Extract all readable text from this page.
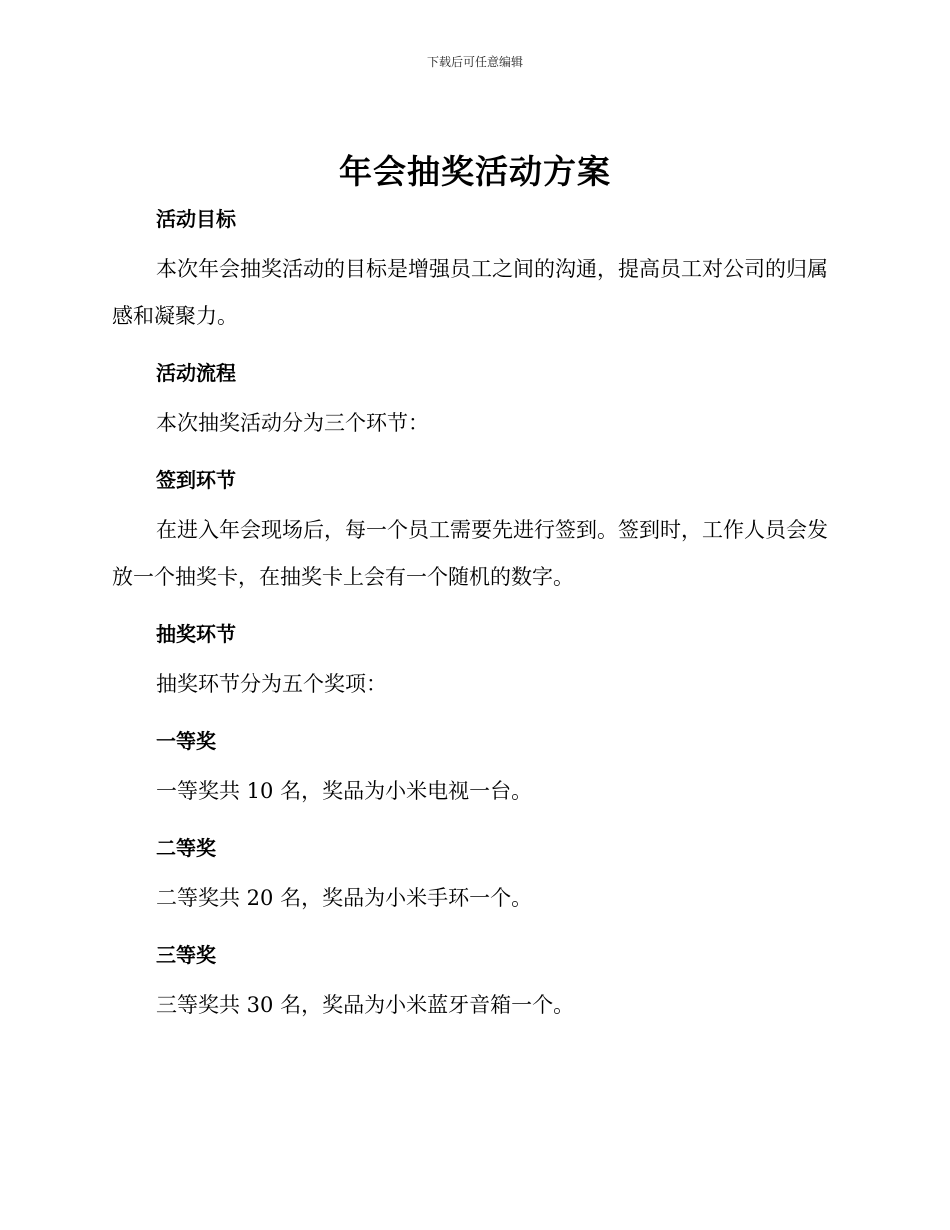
下载后可任意编辑
年会抽奖活动方案
活动目标

本次年会抽奖活动的目标是增强员工之间的沟通，提高员工对公司的归属感和凝聚力。

活动流程

本次抽奖活动分为三个环节：

签到环节

在进入年会现场后，每一个员工需要先进行签到。签到时，工作人员会发放一个抽奖卡，在抽奖卡上会有一个随机的数字。

抽奖环节

抽奖环节分为五个奖项：

一等奖

一等奖共 10 名，奖品为小米电视一台。

二等奖

二等奖共 20 名，奖品为小米手环一个。

三等奖

三等奖共 30 名，奖品为小米蓝牙音箱一个。
